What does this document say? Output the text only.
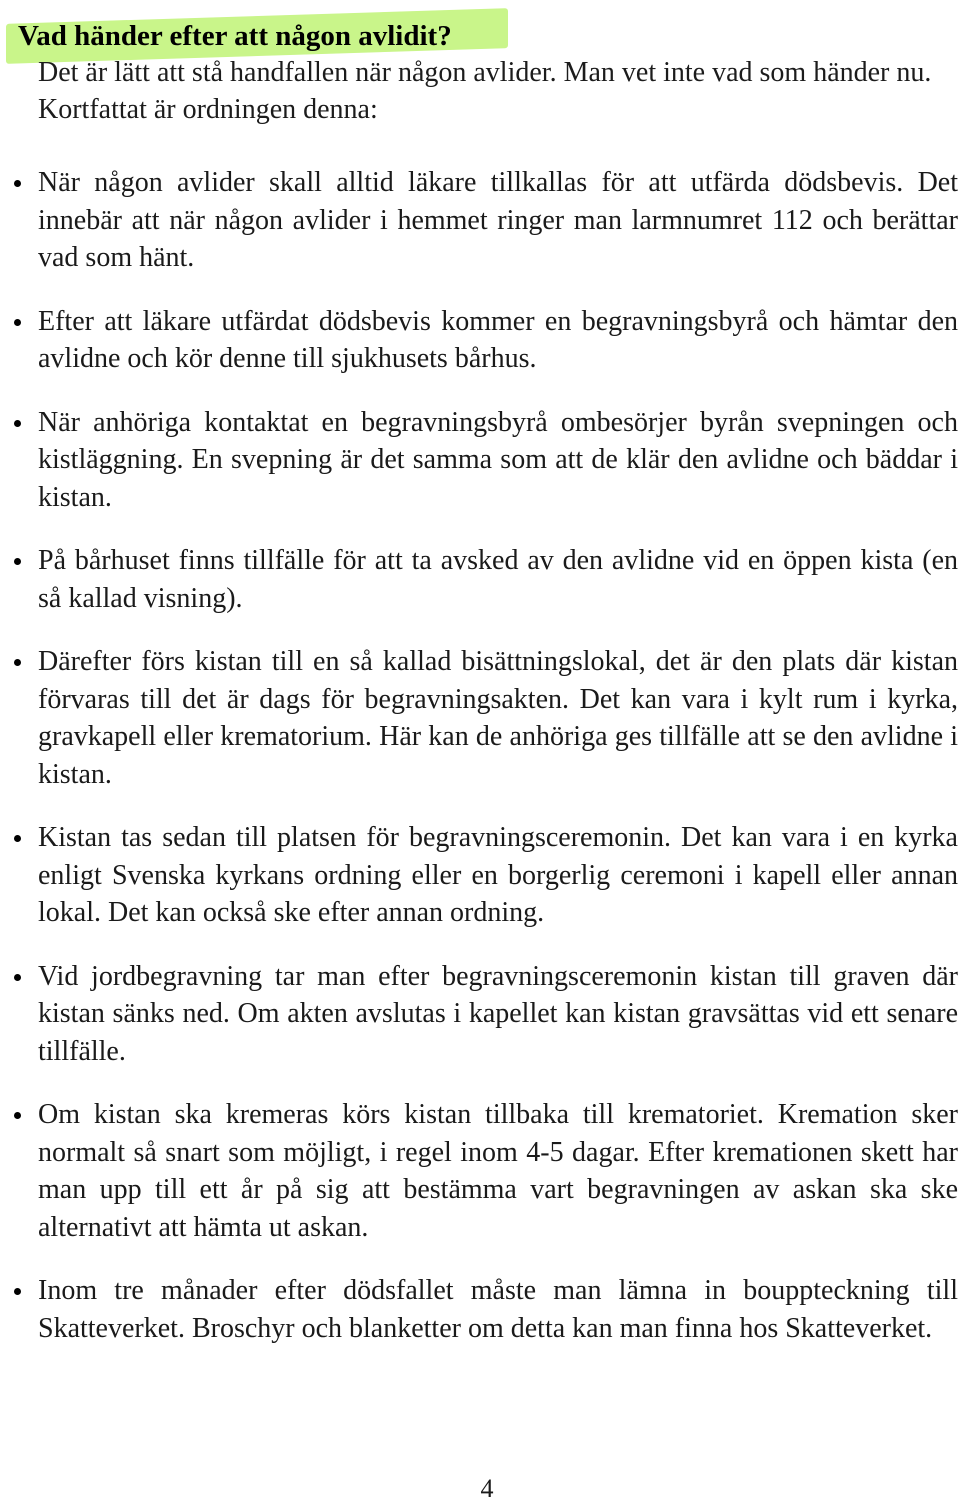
Vad händer efter att någon avlidit?

Det är lätt att stå handfallen när någon avlider. Man vet inte vad som händer nu. Kortfattat är ordningen denna:

När någon avlider skall alltid läkare tillkallas för att utfärda dödsbevis. Det innebär att när någon avlider i hemmet ringer man larmnumret 112 och berättar vad som hänt.
Efter att läkare utfärdat dödsbevis kommer en begravningsbyrå och hämtar den avlidne och kör denne till sjukhusets bårhus.
När anhöriga kontaktat en begravningsbyrå ombesörjer byrån svepningen och kistläggning. En svepning är det samma som att de klär den avlidne och bäddar i kistan.
På bårhuset finns tillfälle för att ta avsked av den avlidne vid en öppen kista (en så kallad visning).
Därefter förs kistan till en så kallad bisättningslokal, det är den plats där kistan förvaras till det är dags för begravningsakten. Det kan vara i kylt rum i kyrka, gravkapell eller krematorium. Här kan de anhöriga ges tillfälle att se den avlidne i kistan.
Kistan tas sedan till platsen för begravningsceremonin. Det kan vara i en kyrka enligt Svenska kyrkans ordning eller en borgerlig ceremoni i kapell eller annan lokal. Det kan också ske efter annan ordning.
Vid jordbegravning tar man efter begravningsceremonin kistan till graven där kistan sänks ned. Om akten avslutas i kapellet kan kistan gravsättas vid ett senare tillfälle.
Om kistan ska kremeras körs kistan tillbaka till krematoriet. Kremation sker normalt så snart som möjligt, i regel inom 4-5 dagar. Efter kremationen skett har man upp till ett år på sig att bestämma vart begravningen av askan ska ske alternativt att hämta ut askan.
Inom tre månader efter dödsfallet måste man lämna in bouppteckning till Skatteverket. Broschyr och blanketter om detta kan man finna hos Skatteverket.
4
